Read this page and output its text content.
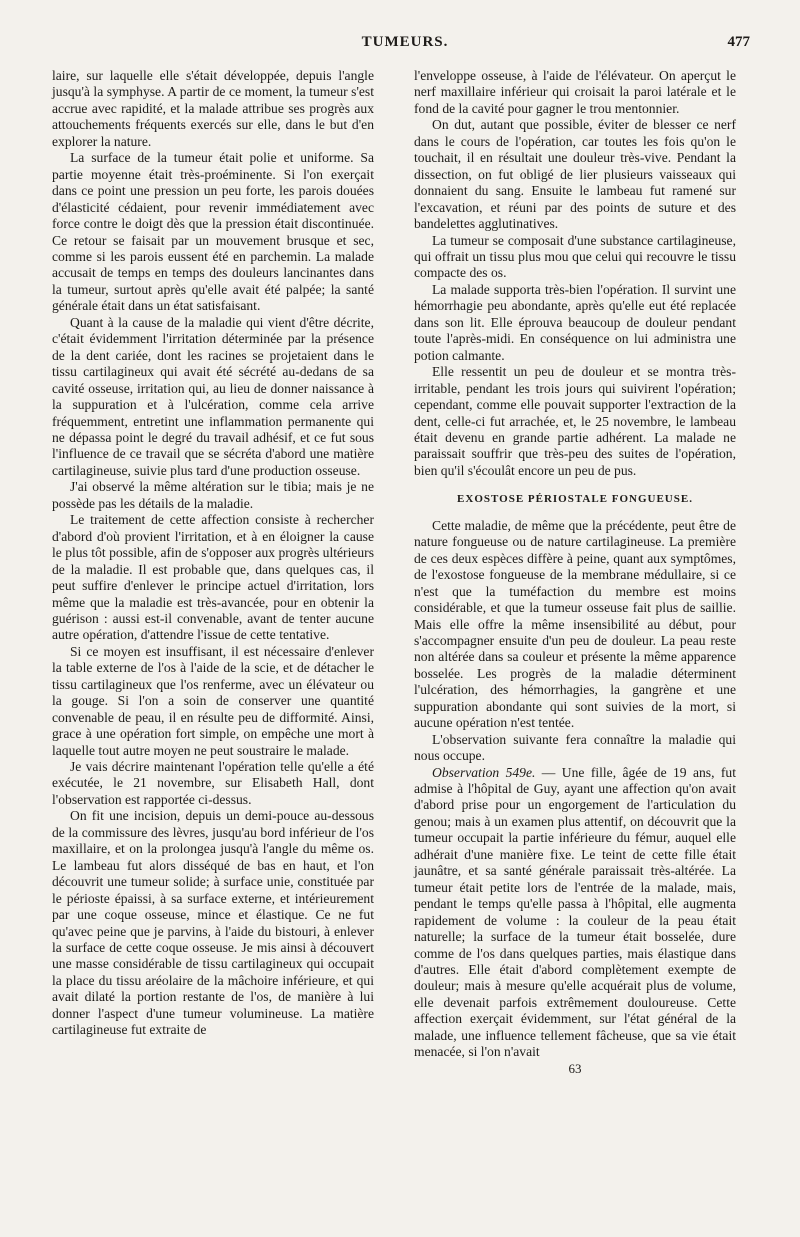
TUMEURS.	477

laire, sur laquelle elle s'était développée, depuis l'angle jusqu'à la symphyse. A partir de ce moment, la tumeur s'est accrue avec rapidité, et la malade attribue ses progrès aux attouchements fréquents exercés sur elle, dans le but d'en explorer la nature.

La surface de la tumeur était polie et uniforme. Sa partie moyenne était très-proéminente. Si l'on exerçait dans ce point une pression un peu forte, les parois douées d'élasticité cédaient, pour revenir immédiatement avec force contre le doigt dès que la pression était discontinuée. Ce retour se faisait par un mouvement brusque et sec, comme si les parois eussent été en parchemin. La malade accusait de temps en temps des douleurs lancinantes dans la tumeur, surtout après qu'elle avait été palpée; la santé générale était dans un état satisfaisant.

Quant à la cause de la maladie qui vient d'être décrite, c'était évidemment l'irritation déterminée par la présence de la dent cariée, dont les racines se projetaient dans le tissu cartilagineux qui avait été sécrété au-dedans de sa cavité osseuse, irritation qui, au lieu de donner naissance à la suppuration et à l'ulcération, comme cela arrive fréquemment, entretint une inflammation permanente qui ne dépassa point le degré du travail adhésif, et ce fut sous l'influence de ce travail que se sécréta d'abord une matière cartilagineuse, suivie plus tard d'une production osseuse.

J'ai observé la même altération sur le tibia; mais je ne possède pas les détails de la maladie.

Le traitement de cette affection consiste à rechercher d'abord d'où provient l'irritation, et à en éloigner la cause le plus tôt possible, afin de s'opposer aux progrès ultérieurs de la maladie. Il est probable que, dans quelques cas, il peut suffire d'enlever le principe actuel d'irritation, lors même que la maladie est très-avancée, pour en obtenir la guérison : aussi est-il convenable, avant de tenter aucune autre opération, d'attendre l'issue de cette tentative.

Si ce moyen est insuffisant, il est nécessaire d'enlever la table externe de l'os à l'aide de la scie, et de détacher le tissu cartilagineux que l'os renferme, avec un élévateur ou la gouge. Si l'on a soin de conserver une quantité convenable de peau, il en résulte peu de difformité. Ainsi, grace à une opération fort simple, on empêche une mort à laquelle tout autre moyen ne peut soustraire le malade.

Je vais décrire maintenant l'opération telle qu'elle a été exécutée, le 21 novembre, sur Elisabeth Hall, dont l'observation est rapportée ci-dessus.

On fit une incision, depuis un demi-pouce au-dessous de la commissure des lèvres, jusqu'au bord inférieur de l'os maxillaire, et on la prolongea jusqu'à l'angle du même os. Le lambeau fut alors disséqué de bas en haut, et l'on découvrit une tumeur solide; à surface unie, constituée par le périoste épaissi, à sa surface externe, et intérieurement par une coque osseuse, mince et élastique. Ce ne fut qu'avec peine que je parvins, à l'aide du bistouri, à enlever la surface de cette coque osseuse. Je mis ainsi à découvert une masse considérable de tissu cartilagineux qui occupait la place du tissu aréolaire de la mâchoire inférieure, et qui avait dilaté la portion restante de l'os, de manière à lui donner l'aspect d'une tumeur volumineuse. La matière cartilagineuse fut extraite de

l'enveloppe osseuse, à l'aide de l'élévateur. On aperçut le nerf maxillaire inférieur qui croisait la paroi latérale et le fond de la cavité pour gagner le trou mentonnier.

On dut, autant que possible, éviter de blesser ce nerf dans le cours de l'opération, car toutes les fois qu'on le touchait, il en résultait une douleur très-vive. Pendant la dissection, on fut obligé de lier plusieurs vaisseaux qui donnaient du sang. Ensuite le lambeau fut ramené sur l'excavation, et réuni par des points de suture et des bandelettes agglutinatives.

La tumeur se composait d'une substance cartilagineuse, qui offrait un tissu plus mou que celui qui recouvre le tissu compacte des os.

La malade supporta très-bien l'opération. Il survint une hémorrhagie peu abondante, après qu'elle eut été replacée dans son lit. Elle éprouva beaucoup de douleur pendant toute l'après-midi. En conséquence on lui administra une potion calmante.

Elle ressentit un peu de douleur et se montra très-irritable, pendant les trois jours qui suivirent l'opération; cependant, comme elle pouvait supporter l'extraction de la dent, celle-ci fut arrachée, et, le 25 novembre, le lambeau était devenu en grande partie adhérent. La malade ne paraissait souffrir que très-peu des suites de l'opération, bien qu'il s'écoulât encore un peu de pus.

EXOSTOSE PÉRIOSTALE FONGUEUSE.

Cette maladie, de même que la précédente, peut être de nature fongueuse ou de nature cartilagineuse. La première de ces deux espèces diffère à peine, quant aux symptômes, de l'exostose fongueuse de la membrane médullaire, si ce n'est que la tuméfaction du membre est moins considérable, et que la tumeur osseuse fait plus de saillie. Mais elle offre la même insensibilité au début, pour s'accompagner ensuite d'un peu de douleur. La peau reste non altérée dans sa couleur et présente la même apparence bosselée. Les progrès de la maladie déterminent l'ulcération, des hémorrhagies, la gangrène et une suppuration abondante qui sont suivies de la mort, si aucune opération n'est tentée.

L'observation suivante fera connaître la maladie qui nous occupe.

Observation 549e. — Une fille, âgée de 19 ans, fut admise à l'hôpital de Guy, ayant une affection qu'on avait d'abord prise pour un engorgement de l'articulation du genou; mais à un examen plus attentif, on découvrit que la tumeur occupait la partie inférieure du fémur, auquel elle adhérait d'une manière fixe. Le teint de cette fille était jaunâtre, et sa santé générale paraissait très-altérée. La tumeur était petite lors de l'entrée de la malade, mais, pendant le temps qu'elle passa à l'hôpital, elle augmenta rapidement de volume : la couleur de la peau était naturelle; la surface de la tumeur était bosselée, dure comme de l'os dans quelques parties, mais élastique dans d'autres. Elle était d'abord complètement exempte de douleur; mais à mesure qu'elle acquérait plus de volume, elle devenait parfois extrêmement douloureuse. Cette affection exerçait évidemment, sur l'état général de la malade, une influence tellement fâcheuse, que sa vie était menacée, si l'on n'avait

63
